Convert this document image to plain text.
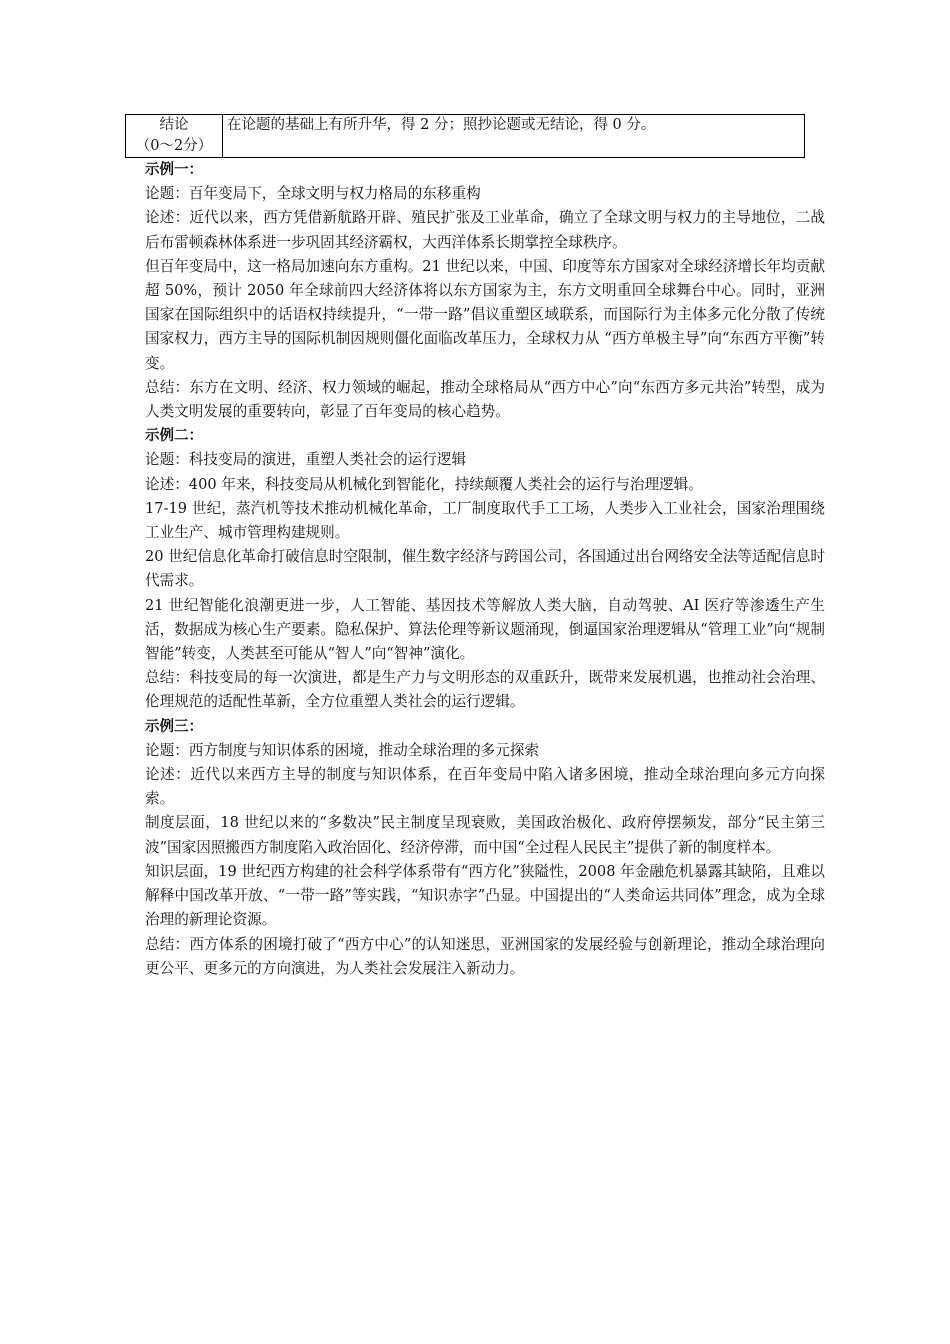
结论
（0～2分）
	在论题的基础上有所升华，得 2 分；照抄论题或无结论，得 0 分。
示例一：

论题：百年变局下，全球文明与权力格局的东移重构

论述：近代以来，西方凭借新航路开辟、殖民扩张及工业革命，确立了全球文明与权力的主导地位，二战后布雷顿森林体系进一步巩固其经济霸权，大西洋体系长期掌控全球秩序。

但百年变局中，这一格局加速向东方重构。21 世纪以来，中国、印度等东方国家对全球经济增长年均贡献超 50%，预计 2050 年全球前四大经济体将以东方国家为主，东方文明重回全球舞台中心。同时，亚洲国家在国际组织中的话语权持续提升，“一带一路”倡议重塑区域联系，而国际行为主体多元化分散了传统国家权力，西方主导的国际机制因规则僵化面临改革压力，全球权力从 “西方单极主导”向“东西方平衡”转变。

总结：东方在文明、经济、权力领域的崛起，推动全球格局从“西方中心”向“东西方多元共治”转型，成为人类文明发展的重要转向，彰显了百年变局的核心趋势。

示例二：

论题：科技变局的演进，重塑人类社会的运行逻辑

论述：400 年来，科技变局从机械化到智能化，持续颠覆人类社会的运行与治理逻辑。

17-19 世纪，蒸汽机等技术推动机械化革命，工厂制度取代手工工场，人类步入工业社会，国家治理围绕工业生产、城市管理构建规则。

20 世纪信息化革命打破信息时空限制，催生数字经济与跨国公司，各国通过出台网络安全法等适配信息时代需求。

21 世纪智能化浪潮更进一步，人工智能、基因技术等解放人类大脑，自动驾驶、AI 医疗等渗透生产生活，数据成为核心生产要素。隐私保护、算法伦理等新议题涌现，倒逼国家治理逻辑从“管理工业”向“规制智能”转变，人类甚至可能从“智人”向“智神”演化。

总结：科技变局的每一次演进，都是生产力与文明形态的双重跃升，既带来发展机遇，也推动社会治理、伦理规范的适配性革新，全方位重塑人类社会的运行逻辑。

示例三：

论题：西方制度与知识体系的困境，推动全球治理的多元探索

论述：近代以来西方主导的制度与知识体系，在百年变局中陷入诸多困境，推动全球治理向多元方向探索。

制度层面，18 世纪以来的“多数决”民主制度呈现衰败，美国政治极化、政府停摆频发，部分“民主第三波”国家因照搬西方制度陷入政治固化、经济停滞，而中国“全过程人民民主”提供了新的制度样本。

知识层面，19 世纪西方构建的社会科学体系带有“西方化”狭隘性，2008 年金融危机暴露其缺陷，且难以解释中国改革开放、“一带一路”等实践，“知识赤字”凸显。中国提出的“人类命运共同体”理念，成为全球治理的新理论资源。

总结：西方体系的困境打破了“西方中心”的认知迷思，亚洲国家的发展经验与创新理论，推动全球治理向更公平、更多元的方向演进，为人类社会发展注入新动力。
